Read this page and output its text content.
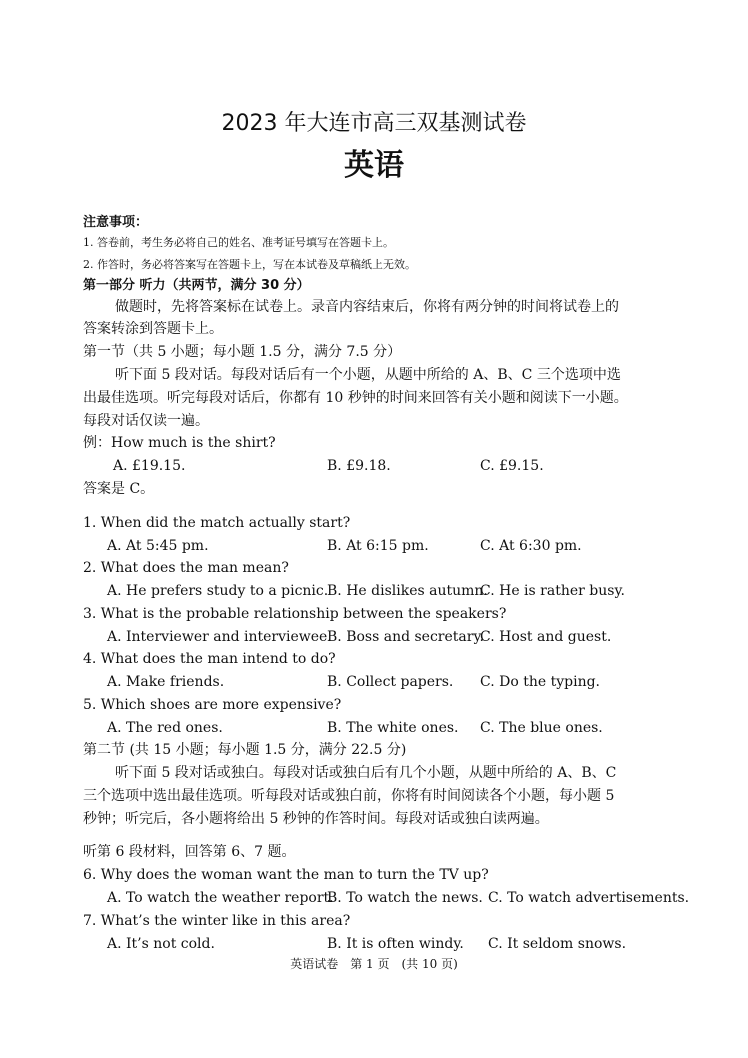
2023 年大连市高三双基测试卷
英语
注意事项：
1. 答卷前，考生务必将自己的姓名、准考证号填写在答题卡上。
2. 作答时，务必将答案写在答题卡上，写在本试卷及草稿纸上无效。
第一部分 听力（共两节，满分 30 分）
做题时，先将答案标在试卷上。录音内容结束后，你将有两分钟的时间将试卷上的
答案转涂到答题卡上。
第一节（共 5 小题；每小题 1.5 分，满分 7.5 分）
听下面 5 段对话。每段对话后有一个小题，从题中所给的 A、B、C 三个选项中选
出最佳选项。听完每段对话后，你都有 10 秒钟的时间来回答有关小题和阅读下一小题。
每段对话仅读一遍。
例：How much is the shirt?
A. £19.15.	B. £9.18.	C. £9.15.
答案是 C。
1. When did the match actually start?
A. At 5:45 pm.	B. At 6:15 pm.	C. At 6:30 pm.
2. What does the man mean?
A. He prefers study to a picnic.
B. He dislikes autumn.
C. He is rather busy.
3. What is the probable relationship between the speakers?
A. Interviewer and interviewee.
B. Boss and secretary.
C. Host and guest.
4. What does the man intend to do?
A. Make friends.	B. Collect papers. C. Do the typing.
5. Which shoes are more expensive?
A. The red ones.	B. The white ones. C. The blue ones.
第二节 (共 15 小题；每小题 1.5 分，满分 22.5 分)
听下面 5 段对话或独白。每段对话或独白后有几个小题，从题中所给的 A、B、C
三个选项中选出最佳选项。听每段对话或独白前，你将有时间阅读各个小题，每小题 5
秒钟；听完后，各小题将给出 5 秒钟的作答时间。每段对话或独白读两遍。
听第 6 段材料，回答第 6、7 题。
6. Why does the woman want the man to turn the TV up?
A. To watch the weather report.
B. To watch the news. C. To watch advertisements.
7. What’s the winter like in this area?
A. It’s not cold.	B. It is often windy. C. It seldom snows.
英语试卷　第 1 页　(共 10 页)
